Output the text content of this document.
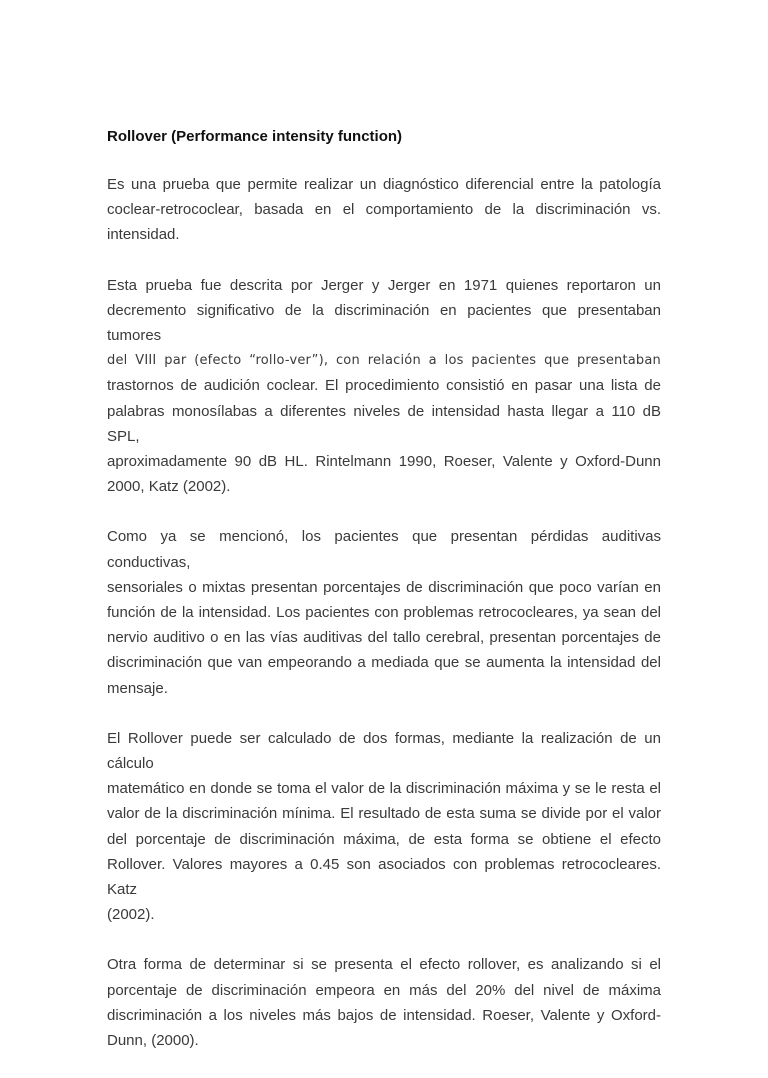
Rollover (Performance intensity function)
Es una prueba que permite realizar un diagnóstico diferencial entre la patología
coclear-retrococlear, basada en el comportamiento de la discriminación vs.
intensidad.
Esta prueba fue descrita por Jerger y Jerger en 1971 quienes reportaron un
decremento significativo de la discriminación en pacientes que presentaban tumores
del VIII par (efecto “rollo-ver”), con relación a los pacientes que presentaban
trastornos de audición coclear. El procedimiento consistió en pasar una lista de
palabras monosílabas a diferentes niveles de intensidad hasta llegar a 110 dB SPL,
aproximadamente 90 dB HL. Rintelmann 1990, Roeser, Valente y Oxford-Dunn
2000, Katz (2002).
Como ya se mencionó, los pacientes que presentan pérdidas auditivas conductivas,
sensoriales o mixtas presentan porcentajes de discriminación que poco varían en
función de la intensidad. Los pacientes con problemas retrococleares, ya sean del
nervio auditivo o en las vías auditivas del tallo cerebral, presentan porcentajes de
discriminación que van empeorando a mediada que se aumenta la intensidad del
mensaje.
El Rollover puede ser calculado de dos formas, mediante la realización de un cálculo
matemático en donde se toma el valor de la discriminación máxima y se le resta el
valor de la discriminación mínima. El resultado de esta suma se divide por el valor
del porcentaje de discriminación máxima, de esta forma se obtiene el efecto
Rollover. Valores mayores a 0.45 son asociados con problemas retrococleares. Katz
(2002).
Otra forma de determinar si se presenta el efecto rollover, es analizando si el
porcentaje de discriminación empeora en más del 20% del nivel de máxima
discriminación a los niveles más bajos de intensidad. Roeser, Valente y Oxford-
Dunn, (2000).
